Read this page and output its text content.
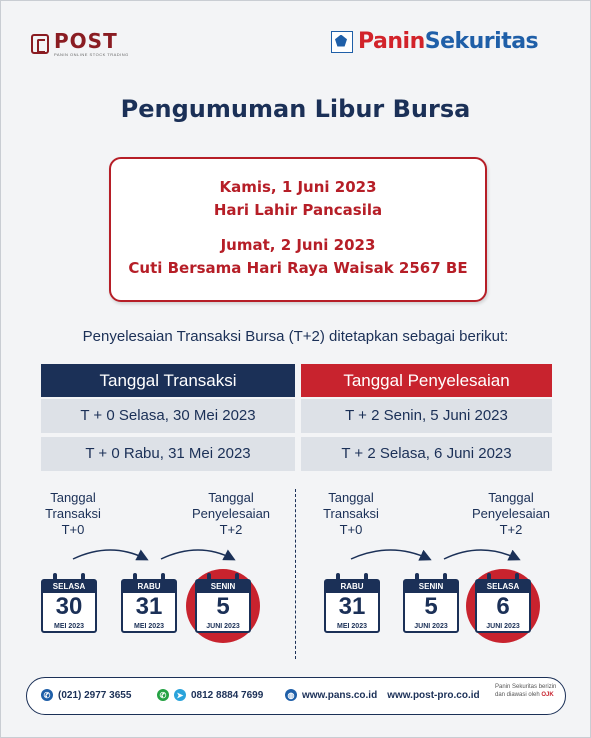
POST
PANIN ONLINE STOCK TRADING
PaninSekuritas
Pengumuman Libur Bursa
Kamis, 1 Juni 2023
Hari Lahir Pancasila
Jumat, 2 Juni 2023
Cuti Bersama Hari Raya Waisak 2567 BE
Penyelesaian Transaksi Bursa (T+2) ditetapkan sebagai berikut:
Tanggal Transaksi	Tanggal Penyelesaian
T + 0 Selasa, 30 Mei 2023	T + 2 Senin, 5 Juni 2023
T + 0 Rabu, 31 Mei 2023	T + 2 Selasa, 6 Juni 2023
Tanggal
Transaksi
T+0
Tanggal
Penyelesaian
T+2
Tanggal
Transaksi
T+0
Tanggal
Penyelesaian
T+2
SELASA
30
MEI 2023
RABU
31
MEI 2023
SENIN
5
JUNI 2023
RABU
31
MEI 2023
SENIN
5
JUNI 2023
SELASA
6
JUNI 2023
✆ (021) 2977 3655	✆	➤ 0812 8884 7699	◍ www.pans.co.id www.post-pro.co.id
Panin Sekuritas berizin
dan diawasi oleh OJK
